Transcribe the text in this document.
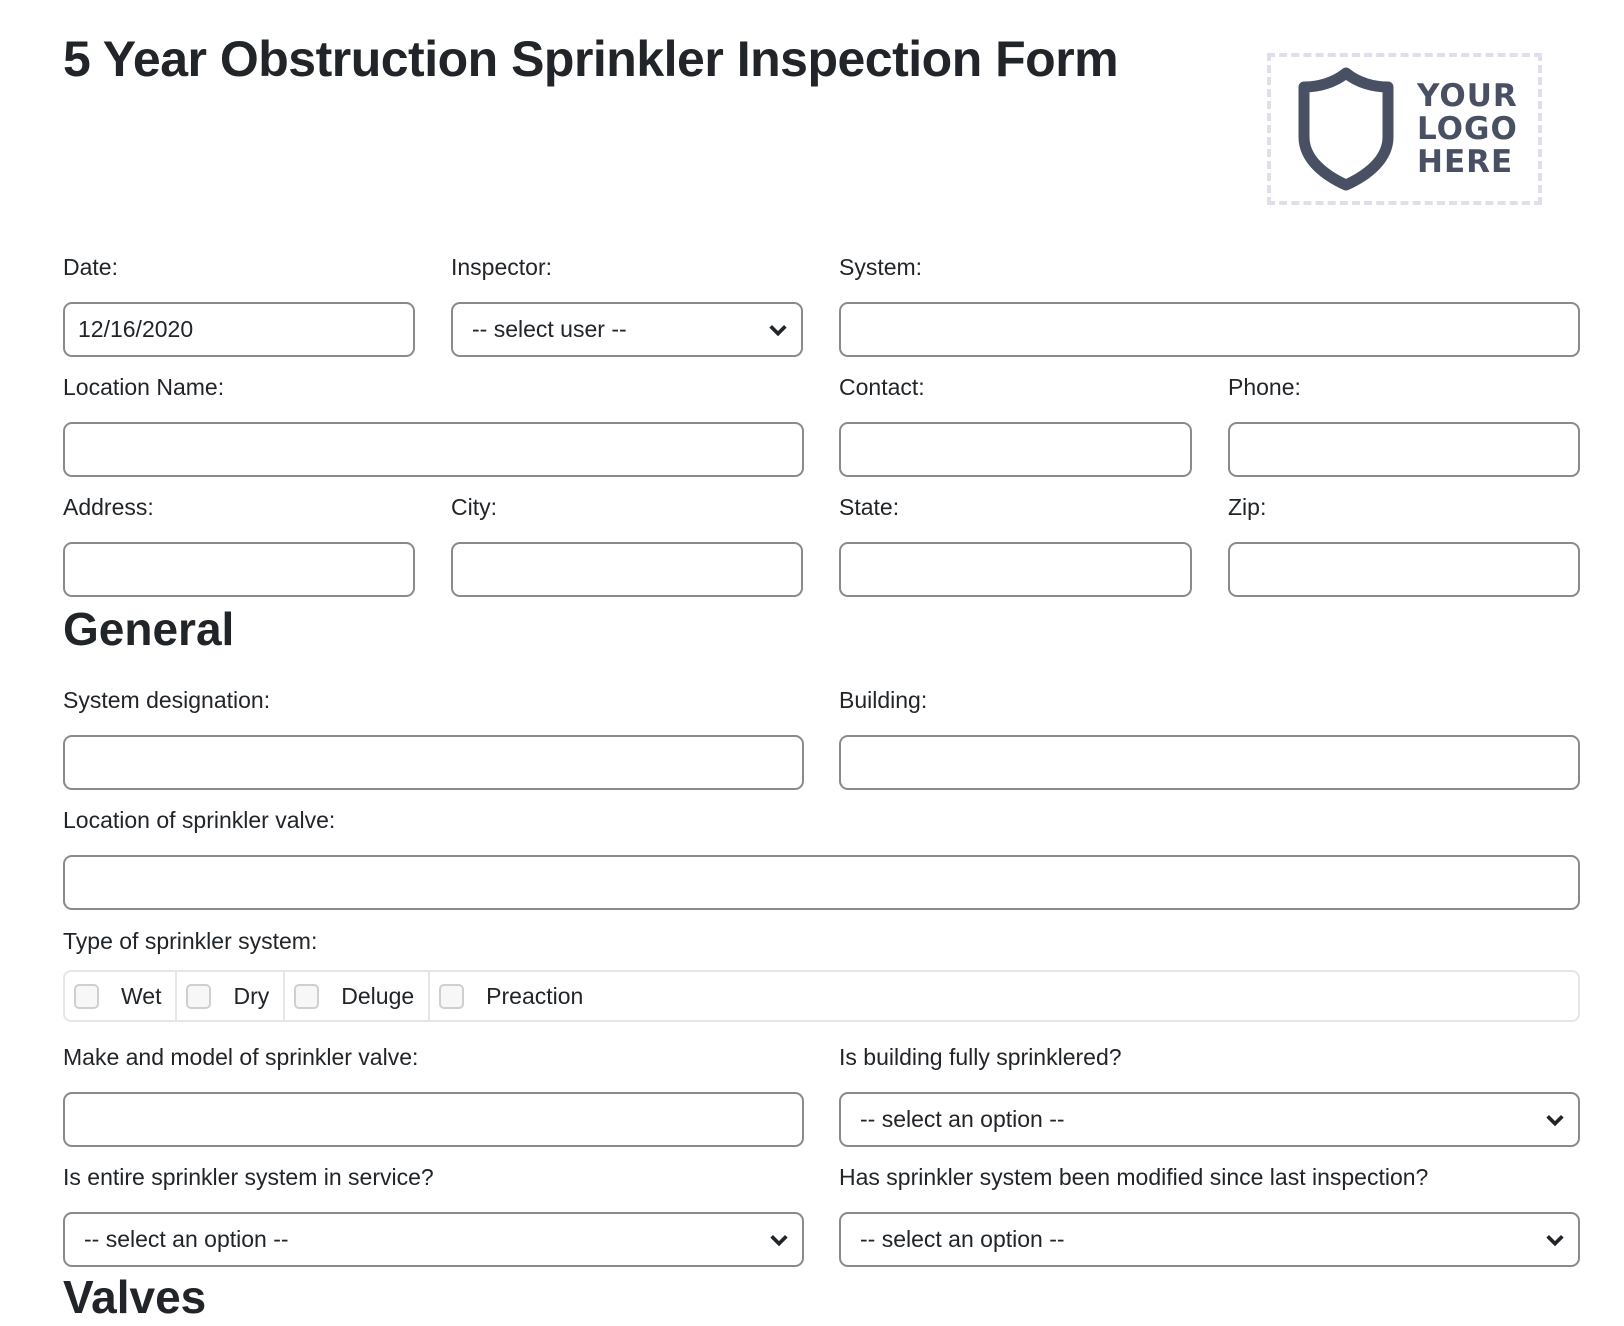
5 Year Obstruction Sprinkler Inspection Form
YOUR
LOGO
HERE
Date:
12/16/2020
Inspector:
-- select user --
System:
Location Name:	Contact:	Phone:
Address:	City:	State:	Zip:
General
System designation:	Building:
Location of sprinkler valve:
Type of sprinkler system:
Wet	Dry	Deluge	Preaction
Make and model of sprinkler valve:	Is building fully sprinklered?
-- select an option --
Is entire sprinkler system in service?
-- select an option --
Has sprinkler system been modified since last inspection?
-- select an option --
Valves
